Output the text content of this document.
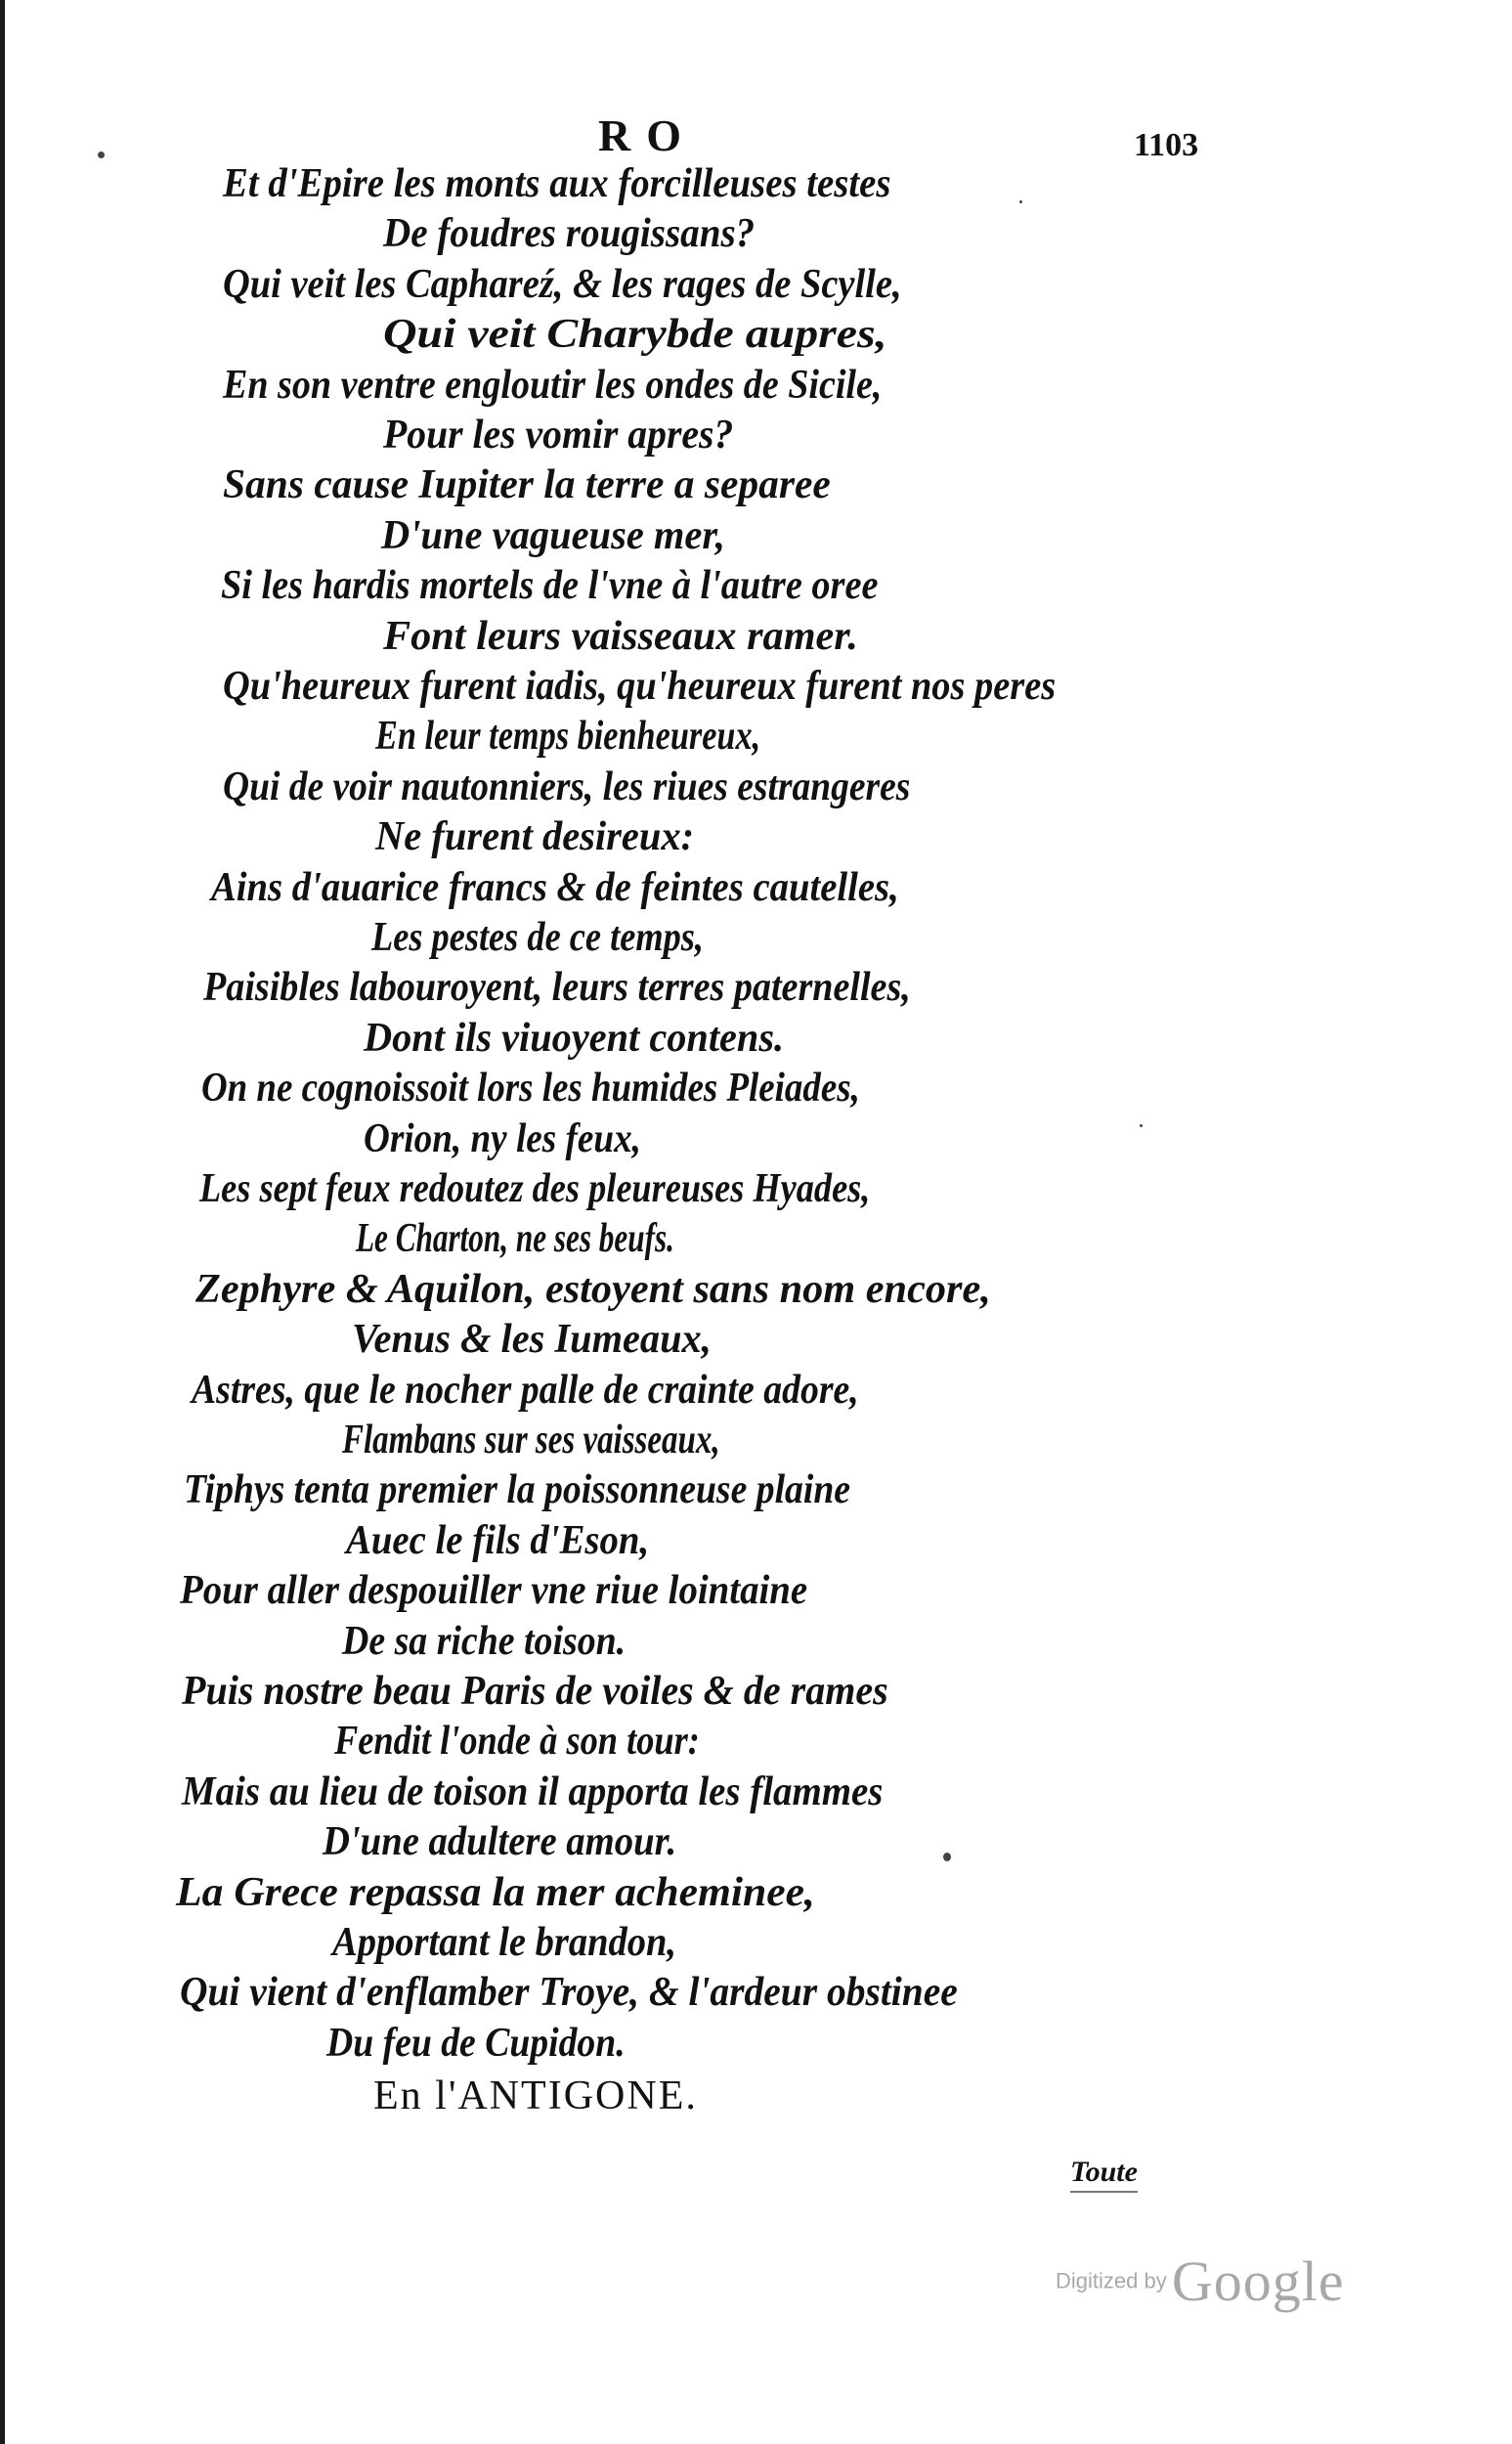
RO	1103
Et d'Epire les monts aux forcilleuses testes
De foudres rougissans?
Qui veit les Caphareź, & les rages de Scylle,
Qui veit Charybde aupres,
En son ventre engloutir les ondes de Sicile,
Pour les vomir apres?
Sans cause Iupiter la terre a separee
D'une vagueuse mer,
Si les hardis mortels de l'vne à l'autre oree
Font leurs vaisseaux ramer.
Qu'heureux furent iadis, qu'heureux furent nos peres
En leur temps bienheureux,
Qui de voir nautonniers, les riues estrangeres
Ne furent desireux:
Ains d'auarice francs & de feintes cautelles,
Les pestes de ce temps,
Paisibles labouroyent, leurs terres paternelles,
Dont ils viuoyent contens.
On ne cognoissoit lors les humides Pleiades,
Orion, ny les feux,
Les sept feux redoutez des pleureuses Hyades,
Le Charton, ne ses beufs.
Zephyre & Aquilon, estoyent sans nom encore,
Venus & les Iumeaux,
Astres, que le nocher palle de crainte adore,
Flambans sur ses vaisseaux,
Tiphys tenta premier la poissonneuse plaine
Auec le fils d'Eson,
Pour aller despouiller vne riue lointaine
De sa riche toison.
Puis nostre beau Paris de voiles & de rames
Fendit l'onde à son tour:
Mais au lieu de toison il apporta les flammes
D'une adultere amour.
La Grece repassa la mer acheminee,
Apportant le brandon,
Qui vient d'enflamber Troye, & l'ardeur obstinee
Du feu de Cupidon.
En l'ANTIGONE.
Toute
Digitized by Google
